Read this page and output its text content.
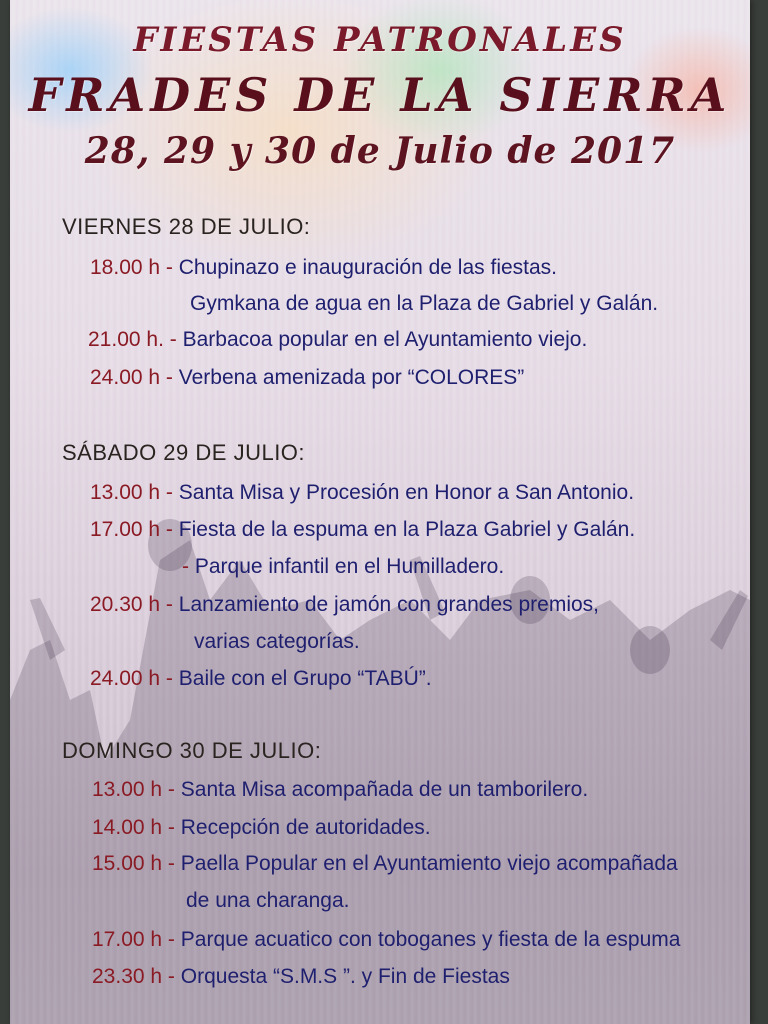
FIESTAS PATRONALES
FRADES DE LA SIERRA
28, 29 y 30 de Julio de 2017
VIERNES 28 DE JULIO:
18.00 h - Chupinazo e inauguración de las fiestas.
Gymkana de agua en la Plaza de Gabriel y Galán.
21.00 h. - Barbacoa popular en el Ayuntamiento viejo.
24.00 h - Verbena amenizada por “COLORES”
SÁBADO 29 DE JULIO:
13.00 h - Santa Misa y Procesión en Honor a San Antonio.
17.00 h - Fiesta de la espuma en la Plaza Gabriel y Galán.
- Parque infantil en el Humilladero.
20.30 h - Lanzamiento de jamón con grandes premios,
varias categorías.
24.00 h - Baile con el Grupo “TABÚ”.
DOMINGO 30 DE JULIO:
13.00 h - Santa Misa acompañada de un tamborilero.
14.00 h - Recepción de autoridades.
15.00 h - Paella Popular en el Ayuntamiento viejo acompañada
de una charanga.
17.00 h - Parque acuatico con toboganes y fiesta de la espuma
23.30 h - Orquesta “S.M.S ”. y Fin de Fiestas
